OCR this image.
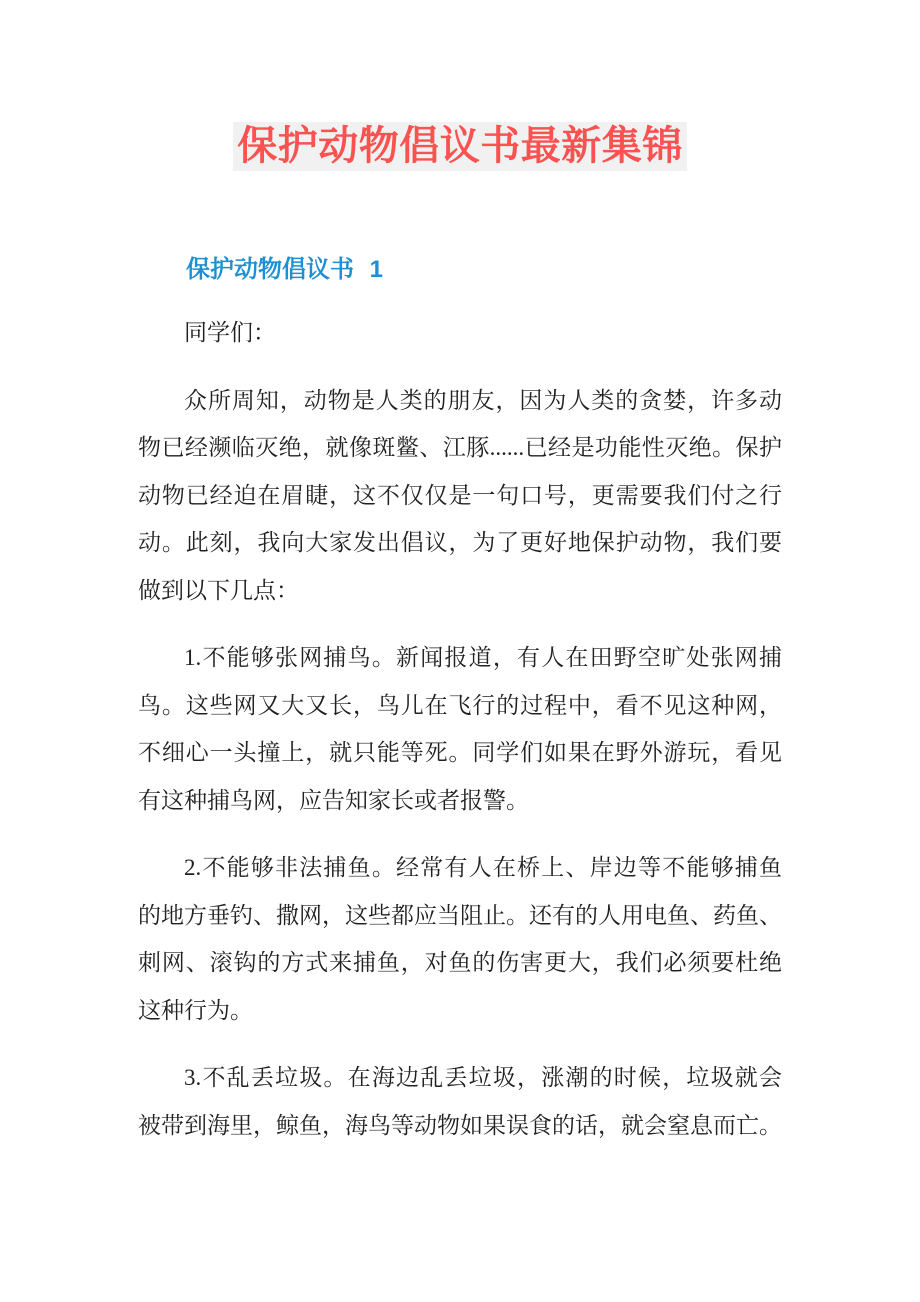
保护动物倡议书最新集锦
保护动物倡议书 1
同学们：
众所周知，动物是人类的朋友，因为人类的贪婪，许多动
物已经濒临灭绝，就像斑鳖、江豚......已经是功能性灭绝。保护
动物已经迫在眉睫，这不仅仅是一句口号，更需要我们付之行
动。此刻，我向大家发出倡议，为了更好地保护动物，我们要
做到以下几点：
1.不能够张网捕鸟。新闻报道，有人在田野空旷处张网捕
鸟。这些网又大又长，鸟儿在飞行的过程中，看不见这种网，
不细心一头撞上，就只能等死。同学们如果在野外游玩，看见
有这种捕鸟网，应告知家长或者报警。
2.不能够非法捕鱼。经常有人在桥上、岸边等不能够捕鱼
的地方垂钓、撒网，这些都应当阻止。还有的人用电鱼、药鱼、
刺网、滚钩的方式来捕鱼，对鱼的伤害更大，我们必须要杜绝
这种行为。
3.不乱丢垃圾。在海边乱丢垃圾，涨潮的时候，垃圾就会
被带到海里，鲸鱼，海鸟等动物如果误食的话，就会窒息而亡。
